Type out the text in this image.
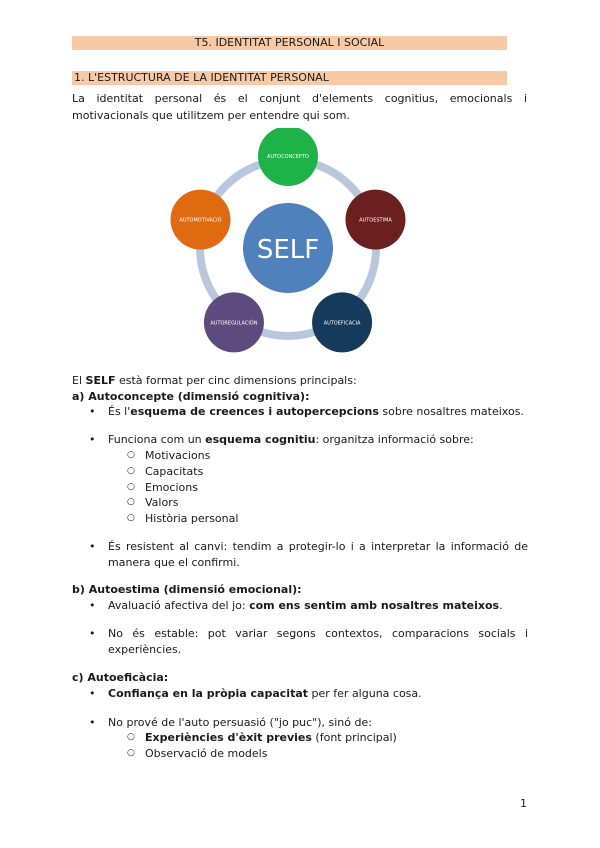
T5. IDENTITAT PERSONAL I SOCIAL
1. L'ESTRUCTURA DE LA IDENTITAT PERSONAL
La identitat personal és el conjunt d'elements cognitius, emocionals i motivacionals que utilitzem per entendre qui som.
AUTOCONCEPTO
AUTOESTIMA
AUTOEFICACIA
AUTOREGULACIÓN
AUTOMOTIVACIÓ
SELF
El SELF està format per cinc dimensions principals:
a) Autoconcepte (dimensió cognitiva):
• És l'esquema de creences i autopercepcions sobre nosaltres mateixos.
• Funciona com un esquema cognitiu: organitza informació sobre:
○ Motivacions
○ Capacitats
○ Emocions
○ Valors
○ Història personal
• És resistent al canvi: tendim a protegir-lo i a interpretar la informació de manera que el confirmi.
b) Autoestima (dimensió emocional):
• Avaluació afectiva del jo: com ens sentim amb nosaltres mateixos.
• No és estable: pot variar segons contextos, comparacions socials i experiències.
c) Autoeficàcia:
• Confiança en la pròpia capacitat per fer alguna cosa.
• No prové de l'auto persuasió ("jo puc"), sinó de:
○ Experiències d'èxit previes (font principal)
○ Observació de models
1
